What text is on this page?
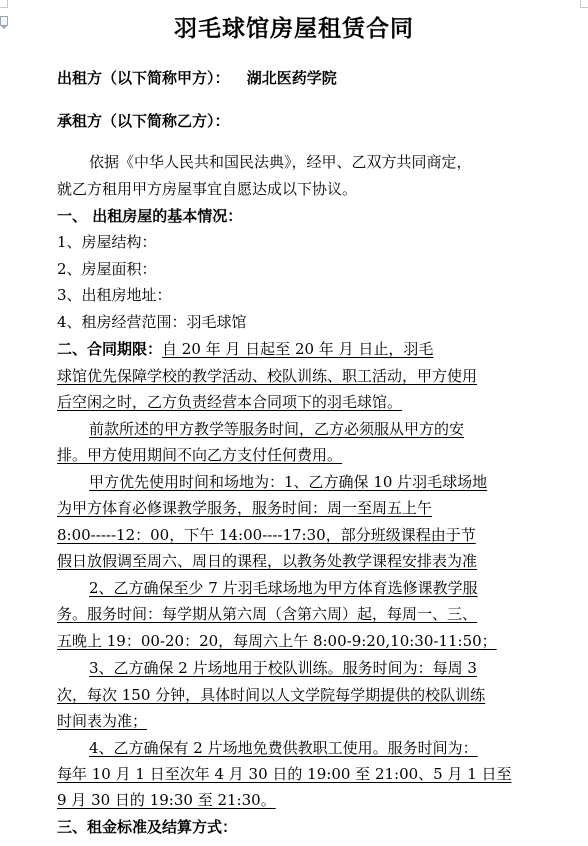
羽毛球馆房屋租赁合同
出租方（以下简称甲方）： 湖北医药学院
承租方（以下简称乙方）：
依据《中华人民共和国民法典》，经甲、乙双方共同商定，
就乙方租用甲方房屋事宜自愿达成以下协议。
一、 出租房屋的基本情况：
1、房屋结构：
2、房屋面积：
3、出租房地址：
4、租房经营范围：羽毛球馆
二、合同期限：自 20 年 月 日起至 20 年 月 日止，羽毛
球馆优先保障学校的教学活动、校队训练、职工活动，甲方使用
后空闲之时，乙方负责经营本合同项下的羽毛球馆。
前款所述的甲方教学等服务时间，乙方必须服从甲方的安
排。甲方使用期间不向乙方支付任何费用。
甲方优先使用时间和场地为：1、乙方确保 10 片羽毛球场地
为甲方体育必修课教学服务，服务时间：周一至周五上午
8:00-----12：00，下午 14:00----17:30，部分班级课程由于节
假日放假调至周六、周日的课程，以教务处教学课程安排表为准
2、乙方确保至少 7 片羽毛球场地为甲方体育选修课教学服
务。服务时间：每学期从第六周（含第六周）起，每周一、三、
五晚上 19：00-20：20，每周六上午 8:00-9:20,10:30-11:50；
3、乙方确保 2 片场地用于校队训练。服务时间为：每周 3
次，每次 150 分钟，具体时间以人文学院每学期提供的校队训练
时间表为准；
4、乙方确保有 2 片场地免费供教职工使用。服务时间为：
每年 10 月 1 日至次年 4 月 30 日的 19:00 至 21:00、5 月 1 日至
9 月 30 日的 19:30 至 21:30。
三、租金标准及结算方式：
